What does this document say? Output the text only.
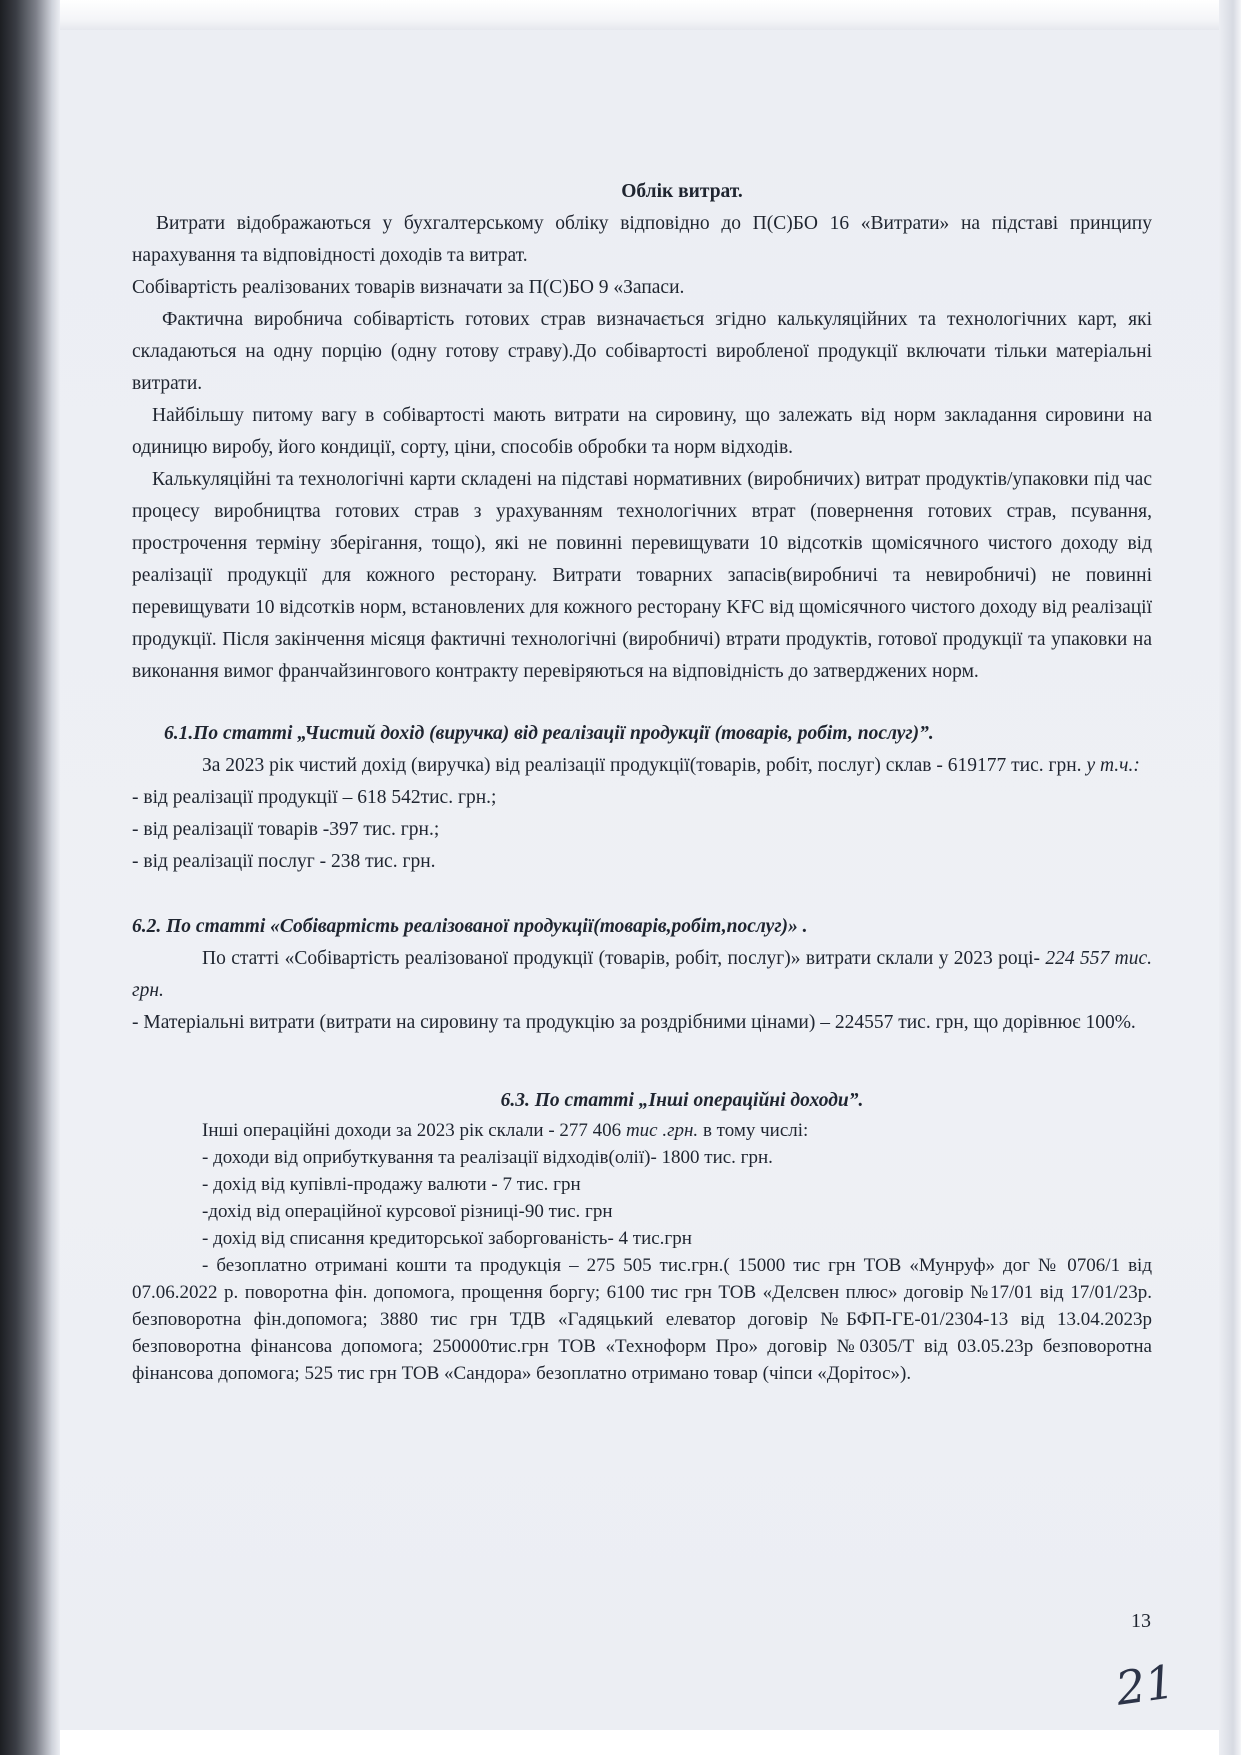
Облік витрат.

Витрати відображаються у бухгалтерському обліку відповідно до П(С)БО 16 «Витрати» на підставі принципу нарахування та відповідності доходів та витрат.

Собівартість реалізованих товарів визначати за П(С)БО 9 «Запаси.

Фактична виробнича собівартість готових страв визначається згідно калькуляційних та технологічних карт, які складаються на одну порцію (одну готову страву).До собівартості виробленої продукції включати тільки матеріальні витрати.

Найбільшу питому вагу в собівартості мають витрати на сировину, що залежать від норм закладання сировини на одиницю виробу, його кондиції, сорту, ціни, способів обробки та норм відходів.

Калькуляційні та технологічні карти складені на підставі нормативних (виробничих) витрат продуктів/упаковки під час процесу виробництва готових страв з урахуванням технологічних втрат (повернення готових страв, псування, прострочення терміну зберігання, тощо), які не повинні перевищувати 10 відсотків щомісячного чистого доходу від реалізації продукції для кожного ресторану. Витрати товарних запасів(виробничі та невиробничі) не повинні перевищувати 10 відсотків норм, встановлених для кожного ресторану KFC від щомісячного чистого доходу від реалізації продукції. Після закінчення місяця фактичні технологічні (виробничі) втрати продуктів, готової продукції та упаковки на виконання вимог франчайзингового контракту перевіряються на відповідність до затверджених норм.

6.1.По статті „Чистий дохід (виручка) від реалізації продукції (товарів, робіт, послуг)”.

За 2023 рік чистий дохід (виручка) від реалізації продукції(товарів, робіт, послуг) склав - 619177 тис. грн. у т.ч.:

- від реалізації продукції – 618 542тис. грн.;

- від реалізації товарів -397 тис. грн.;

- від реалізації послуг - 238 тис. грн.

6.2. По статті «Собівартість реалізованої продукції(товарів,робіт,послуг)» .

По статті «Собівартість реалізованої продукції (товарів, робіт, послуг)» витрати склали у 2023 році- 224 557 тис. грн.

- Матеріальні витрати (витрати на сировину та продукцію за роздрібними цінами) – 224557 тис. грн, що дорівнює 100%.

6.3. По статті „Інші операційні доходи”.

Інші операційні доходи за 2023 рік склали - 277 406 тис .грн. в тому числі:

- доходи від оприбуткування та реалізації відходів(олії)- 1800 тис. грн.

- дохід від купівлі-продажу валюти - 7 тис. грн

-дохід від операційної курсової різниці-90 тис. грн

- дохід від списання кредиторської заборгованість- 4 тис.грн

- безоплатно отримані кошти та продукція – 275 505 тис.грн.( 15000 тис грн ТОВ «Мунруф» дог № 0706/1 від 07.06.2022 р. поворотна фін. допомога, прощення боргу; 6100 тис грн ТОВ «Делсвен плюс» договір №17/01 від 17/01/23р. безповоротна фін.допомога; 3880 тис грн ТДВ «Гадяцький елеватор договір №БФП-ГЕ-01/2304-13 від 13.04.2023р безповоротна фінансова допомога; 250000тис.грн ТОВ «Техноформ Про» договір №0305/Т від 03.05.23р безповоротна фінансова допомога; 525 тис грн ТОВ «Сандора» безоплатно отримано товар (чіпси «Дорітос»).

13
21
